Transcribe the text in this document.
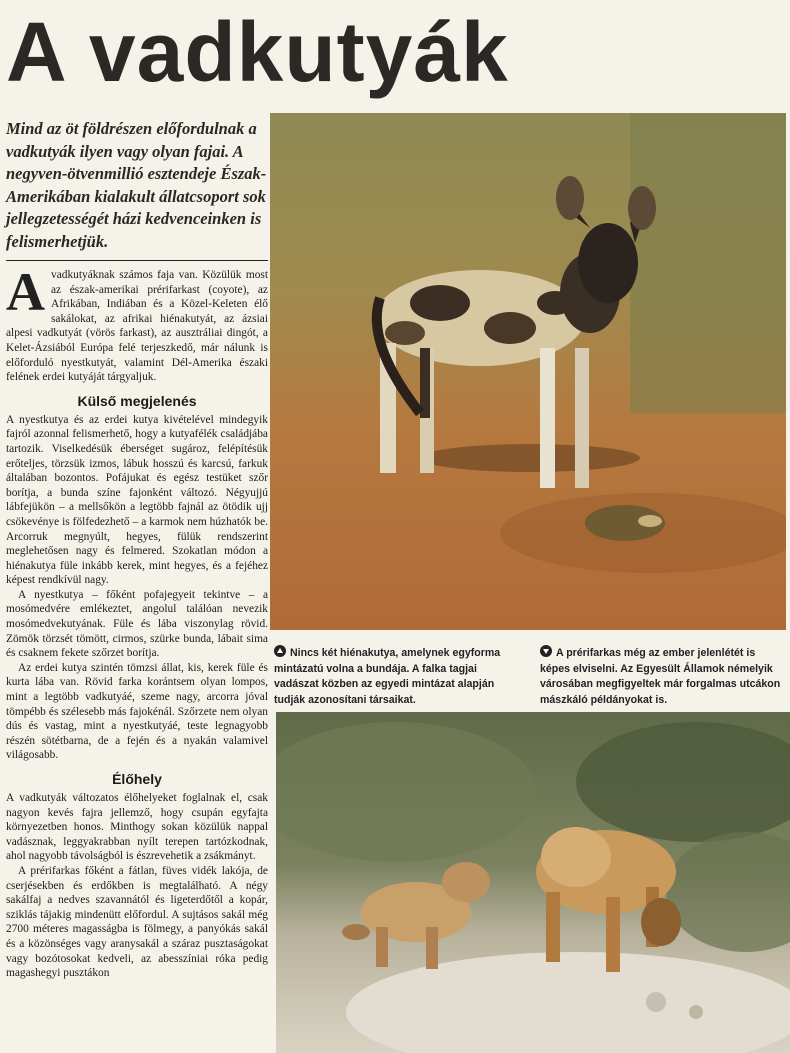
A vadkutyák

Mind az öt földrészen előfordulnak a vadkutyák ilyen vagy olyan fajai. A negyven-ötvenmillió esztendeje Észak-Amerikában kialakult állatcsoport sok jellegzetességét házi kedvenceinken is felismerhetjük.

Avadkutyáknak számos faja van. Közülük most az észak-amerikai prérifarkast (coyote), az Afrikában, Indiában és a Közel-Keleten élő sakálokat, az afrikai hiénakutyát, az ázsiai alpesi vadkutyát (vörös farkast), az ausztráliai dingót, a Kelet-Ázsiából Európa felé terjeszkedő, már nálunk is előforduló nyestkutyát, valamint Dél-Amerika északi felének erdei kutyáját tárgyaljuk.

Külső megjelenés

A nyestkutya és az erdei kutya kivételével mindegyik fajról azonnal felismerhető, hogy a kutyafélék családjába tartozik. Viselkedésük éberséget sugároz, felépítésük erőteljes, törzsük izmos, lábuk hosszú és karcsú, farkuk általában bozontos. Pofájukat és egész testüket szőr borítja, a bunda színe fajonként változó. Négyujjú lábfejükön – a mellsőkön a legtöbb fajnál az ötödik ujj csökevénye is fölfedezhető – a karmok nem húzhatók be. Arcorruk megnyúlt, hegyes, fülük rendszerint meglehetősen nagy és felmered. Szokatlan módon a hiénakutya füle inkább kerek, mint hegyes, és a fejéhez képest rendkívül nagy.

A nyestkutya – főként pofajegyeit tekintve – a mosómedvére emlékeztet, angolul találóan nevezik mosómedvekutyának. Füle és lába viszonylag rövid. Zömök törzsét tömött, cirmos, szürke bunda, lábait sima és csaknem fekete szőrzet borítja.

Az erdei kutya szintén tömzsi állat, kis, kerek füle és kurta lába van. Rövid farka korántsem olyan lompos, mint a legtöbb vadkutyáé, szeme nagy, arcorra jóval tömpébb és szélesebb más fajokénál. Szőrzete nem olyan dús és vastag, mint a nyestkutyáé, teste legnagyobb részén sötétbarna, de a fején és a nyakán valamivel világosabb.

Élőhely

A vadkutyák változatos élőhelyeket foglalnak el, csak nagyon kevés fajra jellemző, hogy csupán egyfajta környezetben honos. Minthogy sokan közülük nappal vadásznak, leggyakrabban nyílt terepen tartózkodnak, ahol nagyobb távolságból is észrevehetik a zsákmányt.

A prérifarkas főként a fátlan, füves vidék lakója, de cserjésekben és erdőkben is megtalálható. A négy sakálfaj a nedves szavannától és ligeterdőtől a kopár, sziklás tájakig mindenütt előfordul. A sujtásos sakál még 2700 méteres magasságba is fölmegy, a panyókás sakál és a közönséges vagy aranysakál a száraz pusztaságokat vagy bozótosokat kedveli, az abesszíniai róka pedig magashegyi pusztákon

Nincs két hiénakutya, amelynek egyforma mintázatú volna a bundája. A falka tagjai vadászat közben az egyedi mintázat alapján tudják azonosítani társaikat.

A prérifarkas még az ember jelenlétét is képes elviselni. Az Egyesült Államok némelyik városában megfigyeltek már forgalmas utcákon mászkáló példányokat is.
